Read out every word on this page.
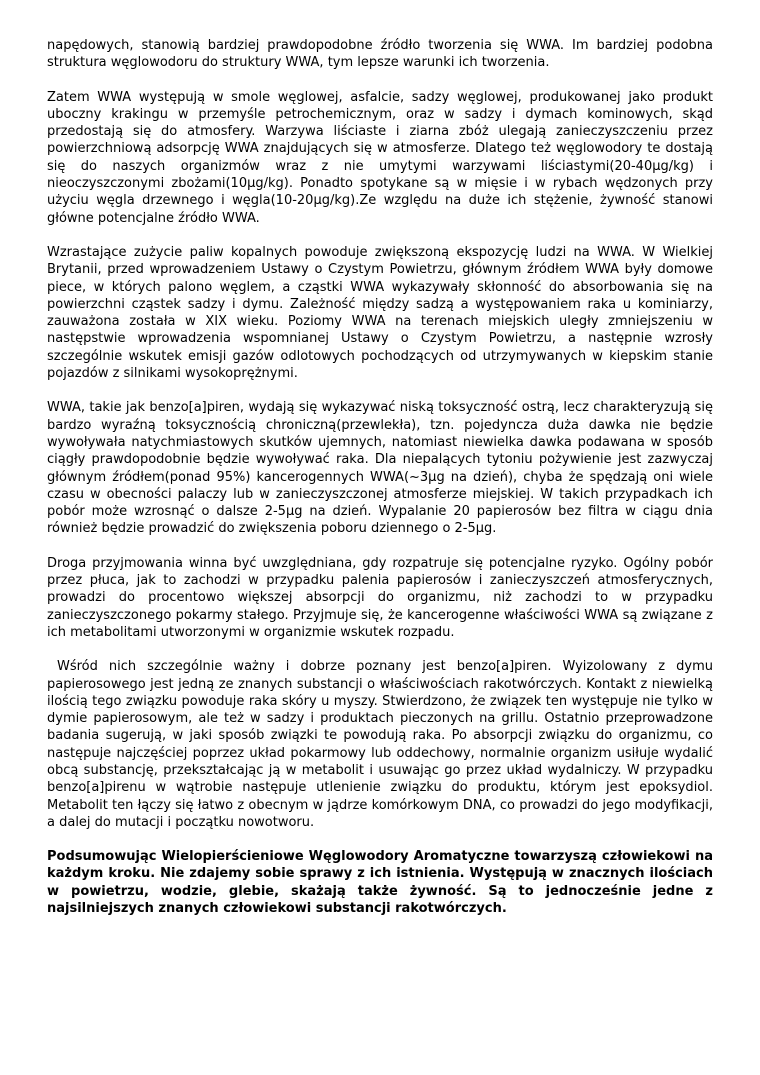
napędowych, stanowią bardziej prawdopodobne źródło tworzenia się WWA. Im bardziej podobna struktura węglowodoru do struktury WWA, tym lepsze warunki ich tworzenia.

Zatem WWA występują w smole węglowej, asfalcie, sadzy węglowej, produkowanej jako produkt uboczny krakingu w przemyśle petrochemicznym, oraz w sadzy i dymach kominowych, skąd przedostają się do atmosfery. Warzywa liściaste i ziarna zbóż ulegają zanieczyszczeniu przez powierzchniową adsorpcję WWA znajdujących się w atmosferze. Dlatego też węglowodory te dostają się do naszych organizmów wraz z nie umytymi warzywami liściastymi(20-40μg/kg) i nieoczyszczonymi zbożami(10μg/kg). Ponadto spotykane są w mięsie i w rybach wędzonych przy użyciu węgla drzewnego i węgla(10-20μg/kg).Ze względu na duże ich stężenie, żywność stanowi główne potencjalne źródło WWA.

Wzrastające zużycie paliw kopalnych powoduje zwiększoną ekspozycję ludzi na WWA. W Wielkiej Brytanii, przed wprowadzeniem Ustawy o Czystym Powietrzu, głównym źródłem WWA były domowe piece, w których palono węglem, a cząstki WWA wykazywały skłonność do absorbowania się na powierzchni cząstek sadzy i dymu. Zależność między sadzą a występowaniem raka u kominiarzy, zauważona została w XIX wieku. Poziomy WWA na terenach miejskich uległy zmniejszeniu w następstwie wprowadzenia wspomnianej Ustawy o Czystym Powietrzu, a następnie wzrosły szczególnie wskutek emisji gazów odlotowych pochodzących od utrzymywanych w kiepskim stanie pojazdów z silnikami wysokoprężnymi.

WWA, takie jak benzo[a]piren, wydają się wykazywać niską toksyczność ostrą, lecz charakteryzują się bardzo wyraźną toksycznością chroniczną(przewlekła), tzn. pojedyncza duża dawka nie będzie wywoływała natychmiastowych skutków ujemnych, natomiast niewielka dawka podawana w sposób ciągły prawdopodobnie będzie wywoływać raka. Dla niepalących tytoniu pożywienie jest zazwyczaj głównym źródłem(ponad 95%) kancerogennych WWA(~3μg na dzień), chyba że spędzają oni wiele czasu w obecności palaczy lub w zanieczyszczonej atmosferze miejskiej. W takich przypadkach ich pobór może wzrosnąć o dalsze 2-5μg na dzień. Wypalanie 20 papierosów bez filtra w ciągu dnia również będzie prowadzić do zwiększenia poboru dziennego o 2-5μg.

Droga przyjmowania winna być uwzględniana, gdy rozpatruje się potencjalne ryzyko. Ogólny pobór przez płuca, jak to zachodzi w przypadku palenia papierosów i zanieczyszczeń atmosferycznych, prowadzi do procentowo większej absorpcji do organizmu, niż zachodzi to w przypadku zanieczyszczonego pokarmy stałego. Przyjmuje się, że kancerogenne właściwości WWA są związane z ich metabolitami utworzonymi w organizmie wskutek rozpadu.

Wśród nich szczególnie ważny i dobrze poznany jest benzo[a]piren. Wyizolowany z dymu papierosowego jest jedną ze znanych substancji o właściwościach rakotwórczych. Kontakt z niewielką ilością tego związku powoduje raka skóry u myszy. Stwierdzono, że związek ten występuje nie tylko w dymie papierosowym, ale też w sadzy i produktach pieczonych na grillu. Ostatnio przeprowadzone badania sugerują, w jaki sposób związki te powodują raka. Po absorpcji związku do organizmu, co następuje najczęściej poprzez układ pokarmowy lub oddechowy, normalnie organizm usiłuje wydalić obcą substancję, przekształcając ją w metabolit i usuwając go przez układ wydalniczy. W przypadku benzo[a]pirenu w wątrobie następuje utlenienie związku do produktu, którym jest epoksydiol. Metabolit ten łączy się łatwo z obecnym w jądrze komórkowym DNA, co prowadzi do jego modyfikacji, a dalej do mutacji i początku nowotworu.

Podsumowując Wielopierścieniowe Węglowodory Aromatyczne towarzyszą człowiekowi na każdym kroku. Nie zdajemy sobie sprawy z ich istnienia. Występują w znacznych ilościach w powietrzu, wodzie, glebie, skażają także żywność. Są to jednocześnie jedne z najsilniejszych znanych człowiekowi substancji rakotwórczych.
